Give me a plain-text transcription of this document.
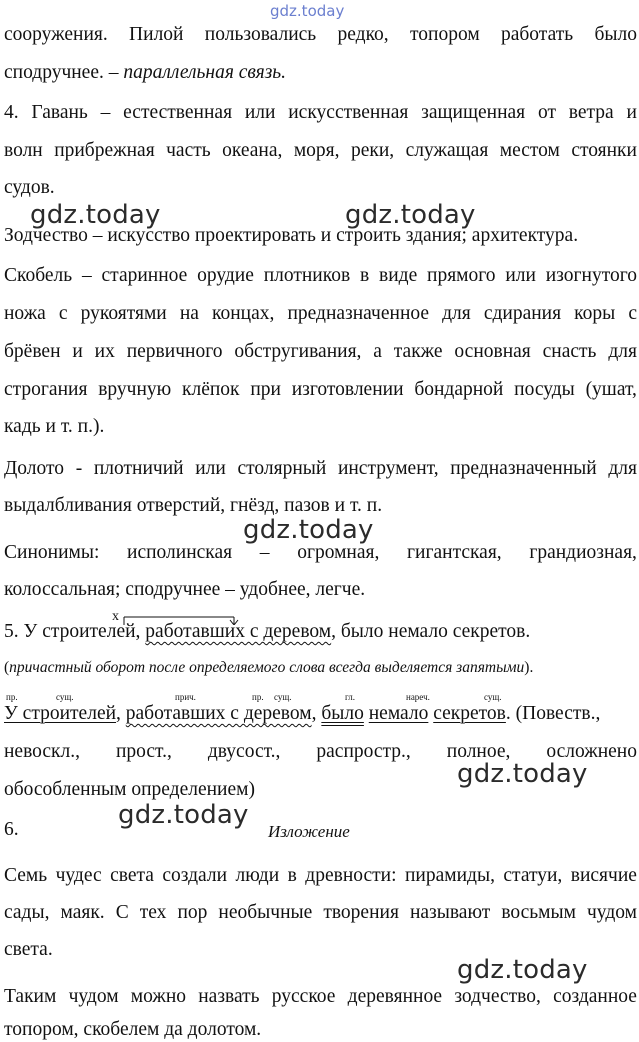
gdz.today
сооружения. Пилой пользовались редко, топором работать было
сподручнее. – параллельная связь.
4. Гавань – естественная или искусственная защищенная от ветра и
волн прибрежная часть океана, моря, реки, служащая местом стоянки
судов.
Зодчество – искусство проектировать и строить здания; архитектура.
Скобель – старинное орудие плотников в виде прямого или изогнутого
ножа с рукоятями на концах, предназначенное для сдирания коры с
брёвен и их первичного обстругивания, а также основная снасть для
строгания вручную клёпок при изготовлении бондарной посуды (ушат,
кадь и т. п.).
Долото - плотничий или столярный инструмент, предназначенный для
выдалбливания отверстий, гнёзд, пазов и т. п.
Синонимы: исполинская – огромная, гигантская, грандиозная,
колоссальная; сподручнее – удобнее, легче.
x
5. У строителей, работавших с деревом, было немало секретов.
(причастный оборот после определяемого слова всегда выделяется запятыми).
пр.	сущ.	прич.	пр. сущ.	гл.	нареч.	сущ.
У строителей, работавших с деревом, было немало секретов. (Повеств.,
невоскл., прост., двусост., распростр., полное, осложнено
обособленным определением)
6.	Изложение
Семь чудес света создали люди в древности: пирамиды, статуи, висячие
сады, маяк. С тех пор необычные творения называют восьмым чудом
света.
Таким чудом можно назвать русское деревянное зодчество, созданное
топором, скобелем да долотом.
gdz.today	gdz.today
gdz.today
gdz.today
gdz.today
gdz.today
